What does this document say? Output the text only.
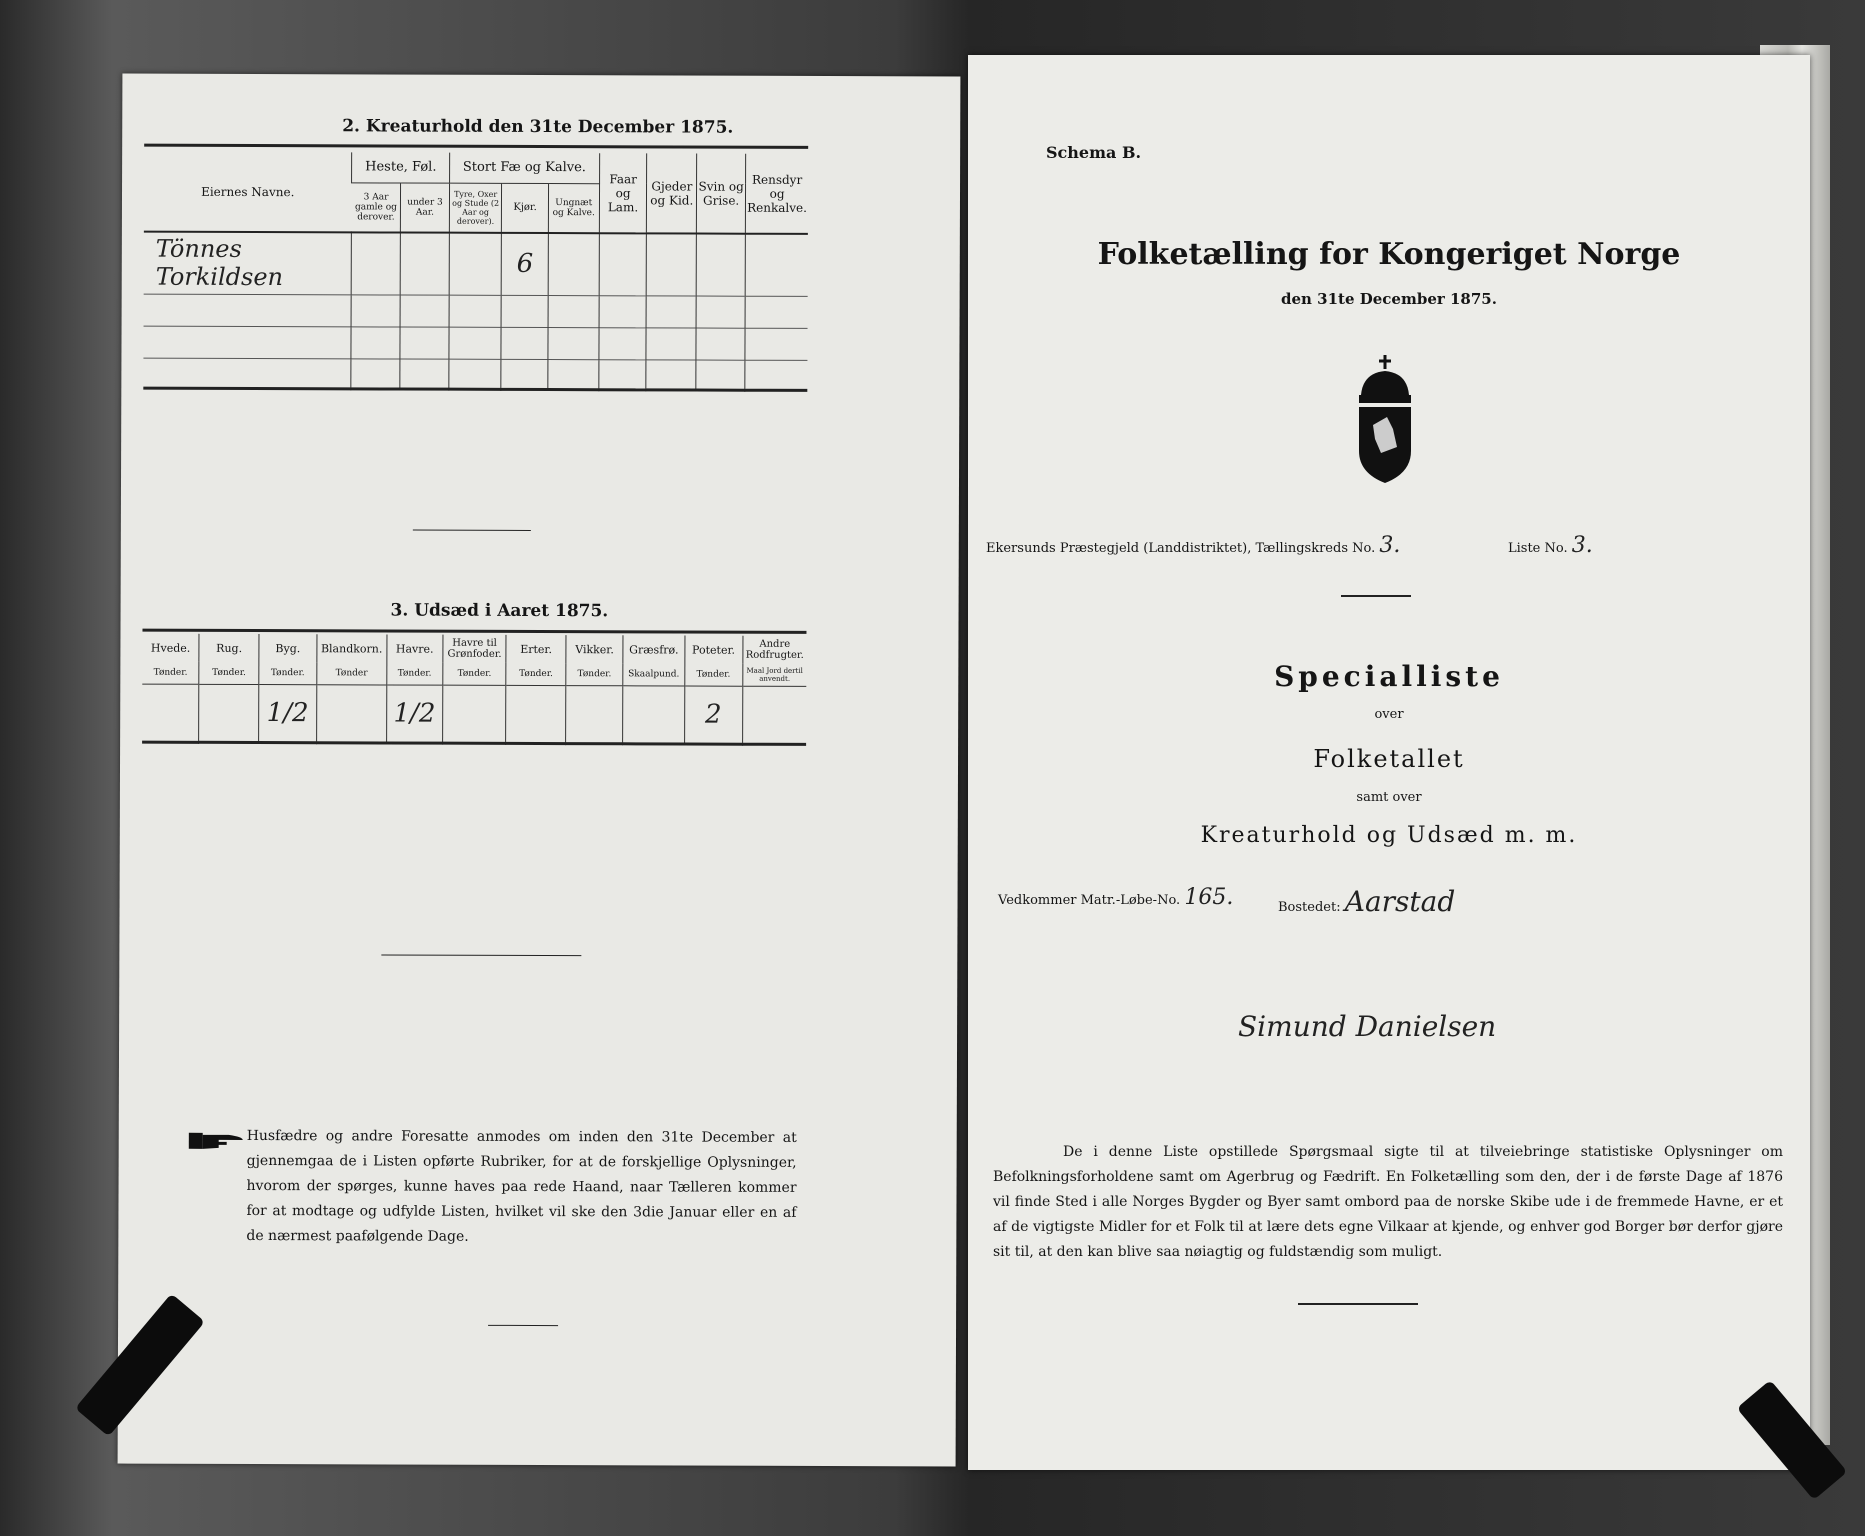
2. Kreaturhold den 31te December 1875.
Eiernes Navne.	Heste, Føl.		Stort Fæ og Kalve.			Faar og Lam.	Gjeder og Kid.	Svin og Grise.	Rensdyr og Renkalve.
	3 Aar gamle og derover.	under 3 Aar.	Tyre, Oxer og Stude (2 Aar og derover).	Kjør.	Ungnæt og Kalve.				
Tönnes Torkildsen				6					

3. Udsæd i Aaret 1875.
Hvede.	Rug.	Byg.	Blandkorn.	Havre.	Havre til Grønfoder.	Erter.	Vikker.	Græsfrø.	Poteter.	Andre Rodfrugter.
Tønder.	Tønder.	Tønder.	Tønder	Tønder.	Tønder.	Tønder.	Tønder.	Skaalpund.	Tønder.	Maal Jord dertil anvendt.
		1/2		1/2					2	
Husfædre og andre Foresatte anmodes om inden den 31te December at gjennemgaa de i Listen opførte Rubriker, for at de forskjellige Oplysninger, hvorom der spørges, kunne haves paa rede Haand, naar Tælleren kommer for at modtage og udfylde Listen, hvilket vil ske den 3die Januar eller en af de nærmest paafølgende Dage.
Schema B.
Folketælling for Kongeriget Norge
den 31te December 1875.
Ekersunds Præstegjeld (Landdistriktet), Tællingskreds No. 3.	Liste No. 3.
Specialliste
over
Folketallet
samt over
Kreaturhold og Udsæd m. m.
Vedkommer Matr.-Løbe-No. 165.	Bostedet: Aarstad
Simund Danielsen
De i denne Liste opstillede Spørgsmaal sigte til at tilveiebringe statistiske Oplysninger om Befolkningsforholdene samt om Agerbrug og Fædrift. En Folketælling som den, der i de første Dage af 1876 vil finde Sted i alle Norges Bygder og Byer samt ombord paa de norske Skibe ude i de fremmede Havne, er et af de vigtigste Midler for et Folk til at lære dets egne Vilkaar at kjende, og enhver god Borger bør derfor gjøre sit til, at den kan blive saa nøiagtig og fuldstændig som muligt.
